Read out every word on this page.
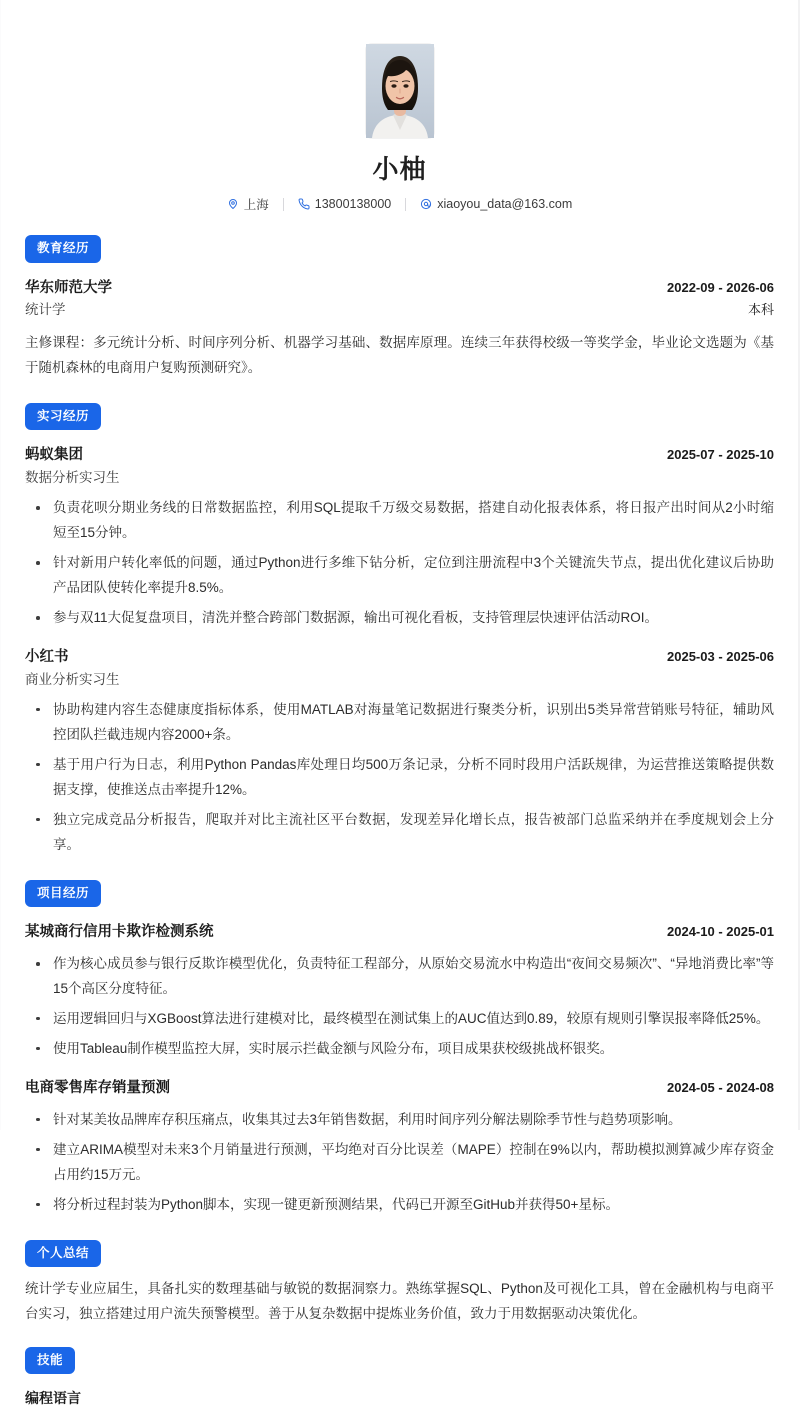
小柚
上海	13800138000	xiaoyou_data@163.com
教育经历
华东师范大学	2022-09 - 2026-06
统计学	本科

主修课程：多元统计分析、时间序列分析、机器学习基础、数据库原理。连续三年获得校级一等奖学金，毕业论文选题为《基于随机森林的电商用户复购预测研究》。

实习经历
蚂蚁集团	2025-07 - 2025-10
数据分析实习生
负责花呗分期业务线的日常数据监控，利用SQL提取千万级交易数据，搭建自动化报表体系，将日报产出时间从2小时缩短至15分钟。
针对新用户转化率低的问题，通过Python进行多维下钻分析，定位到注册流程中3个关键流失节点，提出优化建议后协助产品团队使转化率提升8.5%。
参与双11大促复盘项目，清洗并整合跨部门数据源，输出可视化看板，支持管理层快速评估活动ROI。
小红书	2025-03 - 2025-06
商业分析实习生
协助构建内容生态健康度指标体系，使用MATLAB对海量笔记数据进行聚类分析，识别出5类异常营销账号特征，辅助风控团队拦截违规内容2000+条。
基于用户行为日志，利用Python Pandas库处理日均500万条记录，分析不同时段用户活跃规律，为运营推送策略提供数据支撑，使推送点击率提升12%。
独立完成竞品分析报告，爬取并对比主流社区平台数据，发现差异化增长点，报告被部门总监采纳并在季度规划会上分享。
项目经历
某城商行信用卡欺诈检测系统	2024-10 - 2025-01
作为核心成员参与银行反欺诈模型优化，负责特征工程部分，从原始交易流水中构造出“夜间交易频次”、“异地消费比率”等15个高区分度特征。
运用逻辑回归与XGBoost算法进行建模对比，最终模型在测试集上的AUC值达到0.89，较原有规则引擎误报率降低25%。
使用Tableau制作模型监控大屏，实时展示拦截金额与风险分布，项目成果获校级挑战杯银奖。
电商零售库存销量预测	2024-05 - 2024-08
针对某美妆品牌库存积压痛点，收集其过去3年销售数据，利用时间序列分解法剔除季节性与趋势项影响。
建立ARIMA模型对未来3个月销量进行预测，平均绝对百分比误差（MAPE）控制在9%以内，帮助模拟测算减少库存资金占用约15万元。
将分析过程封装为Python脚本，实现一键更新预测结果，代码已开源至GitHub并获得50+星标。
个人总结

统计学专业应届生，具备扎实的数理基础与敏锐的数据洞察力。熟练掌握SQL、Python及可视化工具，曾在金融机构与电商平台实习，独立搭建过用户流失预警模型。善于从复杂数据中提炼业务价值，致力于用数据驱动决策优化。

技能
编程语言
